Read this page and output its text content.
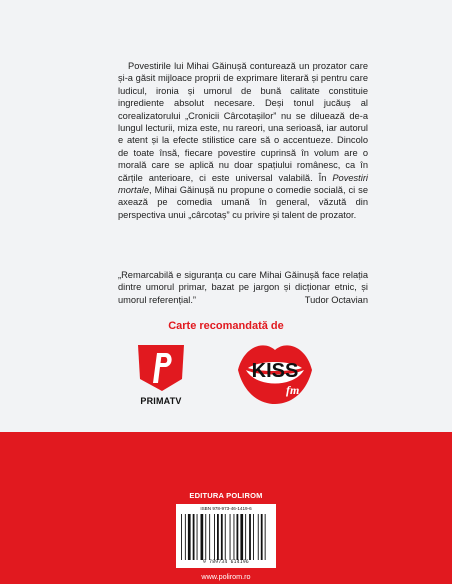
Povestirile lui Mihai Găinușă conturează un prozator care și-a găsit mijloace proprii de exprimare literară și pentru care ludicul, ironia și umorul de bună calitate constituie ingrediente absolut necesare. Deși tonul jucăuș al corealizatorului „Cronicii Cârcotașilor” nu se diluează de-a lungul lecturii, miza este, nu rareori, una serioasă, iar autorul e atent și la efecte stilistice care să o accentueze. Dincolo de toate însă, fiecare povestire cuprinsă în volum are o morală care se aplică nu doar spațiului românesc, ca în cărțile anterioare, ci este universal valabilă. În Povestiri mortale, Mihai Găinușă nu propune o comedie socială, ci se axează pe comedia umană în general, văzută din perspectiva unui „cârcotaș” cu privire și talent de prozator.

„Remarcabilă e siguranța cu care Mihai Găinușă face relația dintre umorul primar, bazat pe jargon și dicționar etnic, și umorul referențial.”	Tudor Octavian
Carte recomandată de
PRIMATV
KISS
fm
EDITURA POLIROM
ISBN 978-973-46-1419-6
9 789734 614196
www.polirom.ro
